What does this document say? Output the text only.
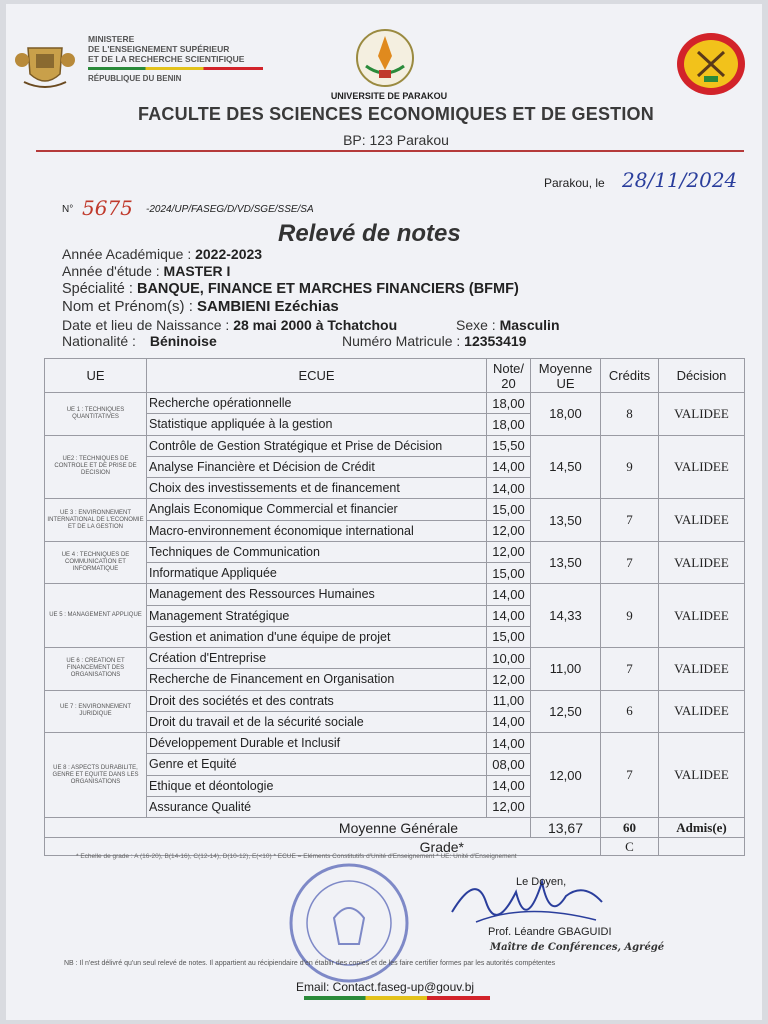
MINISTERE
DE L'ENSEIGNEMENT SUPÉRIEUR
ET DE LA RECHERCHE SCIENTIFIQUE
RÉPUBLIQUE DU BENIN
UNIVERSITE DE PARAKOU
FACULTE DES SCIENCES ECONOMIQUES ET DE GESTION
BP: 123 Parakou
Parakou, le 28/11/2024
N° 5675 -2024/UP/FASEG/D/VD/SGE/SSE/SA
Relevé de notes
Année Académique : 2022-2023
Année d'étude : MASTER I
Spécialité : BANQUE, FINANCE ET MARCHES FINANCIERS (BFMF)
Nom et Prénom(s) : SAMBIENI Ezéchias
Date et lieu de Naissance : 28 mai 2000 à Tchatchou	Sexe : Masculin
Nationalité : Béninoise	Numéro Matricule : 12353419
UE	ECUE	Note/ 20	Moyenne UE	Crédits	Décision
UE 1 : TECHNIQUES QUANTITATIVES	Recherche opérationnelle	18,00	18,00	8	VALIDEE
	Statistique appliquée à la gestion	18,00			
UE2 : TECHNIQUES DE CONTROLE ET DE PRISE DE DECISION	Contrôle de Gestion Stratégique et Prise de Décision	15,50	14,50	9	VALIDEE
	Analyse Financière et Décision de Crédit	14,00			
	Choix des investissements et de financement	14,00			
UE 3 : ENVIRONNEMENT INTERNATIONAL DE L'ECONOMIE ET DE LA GESTION	Anglais Economique Commercial et financier	15,00	13,50	7	VALIDEE
	Macro-environnement économique international	12,00			
UE 4 : TECHNIQUES DE COMMUNICATION ET INFORMATIQUE	Techniques de Communication	12,00	13,50	7	VALIDEE
	Informatique Appliquée	15,00			
UE 5 : MANAGEMENT APPLIQUE	Management des Ressources Humaines	14,00	14,33	9	VALIDEE
	Management Stratégique	14,00			
	Gestion et animation d'une équipe de projet	15,00			
UE 6 : CREATION ET FINANCEMENT DES ORGANISATIONS	Création d'Entreprise	10,00	11,00	7	VALIDEE
	Recherche de Financement en Organisation	12,00			
UE 7 : ENVIRONNEMENT JURIDIQUE	Droit des sociétés et des contrats	11,00	12,50	6	VALIDEE
	Droit du travail et de la sécurité sociale	14,00			
UE 8 : ASPECTS DURABILITE, GENRE ET EQUITE DANS LES ORGANISATIONS	Développement Durable et Inclusif	14,00	12,00	7	VALIDEE
	Genre et Equité	08,00			
	Ethique et déontologie	14,00			
	Assurance Qualité	12,00			
Moyenne Générale			13,67	60	Admis(e)
Grade*				C	
* Echelle de grade : A (16-20), B(14-16), C(12-14), D(10-12), E(<10) * ECUE = Eléments Constitutifs d'Unité d'Enseignement * UE: Unité d'Enseignement
Le Doyen,
Prof. Léandre GBAGUIDI
Maître de Conférences, Agrégé
NB : Il n'est délivré qu'un seul relevé de notes. Il appartient au récipiendaire d'en établir des copies et de les faire certifier formes par les autorités compétentes
Email: Contact.faseg-up@gouv.bj
